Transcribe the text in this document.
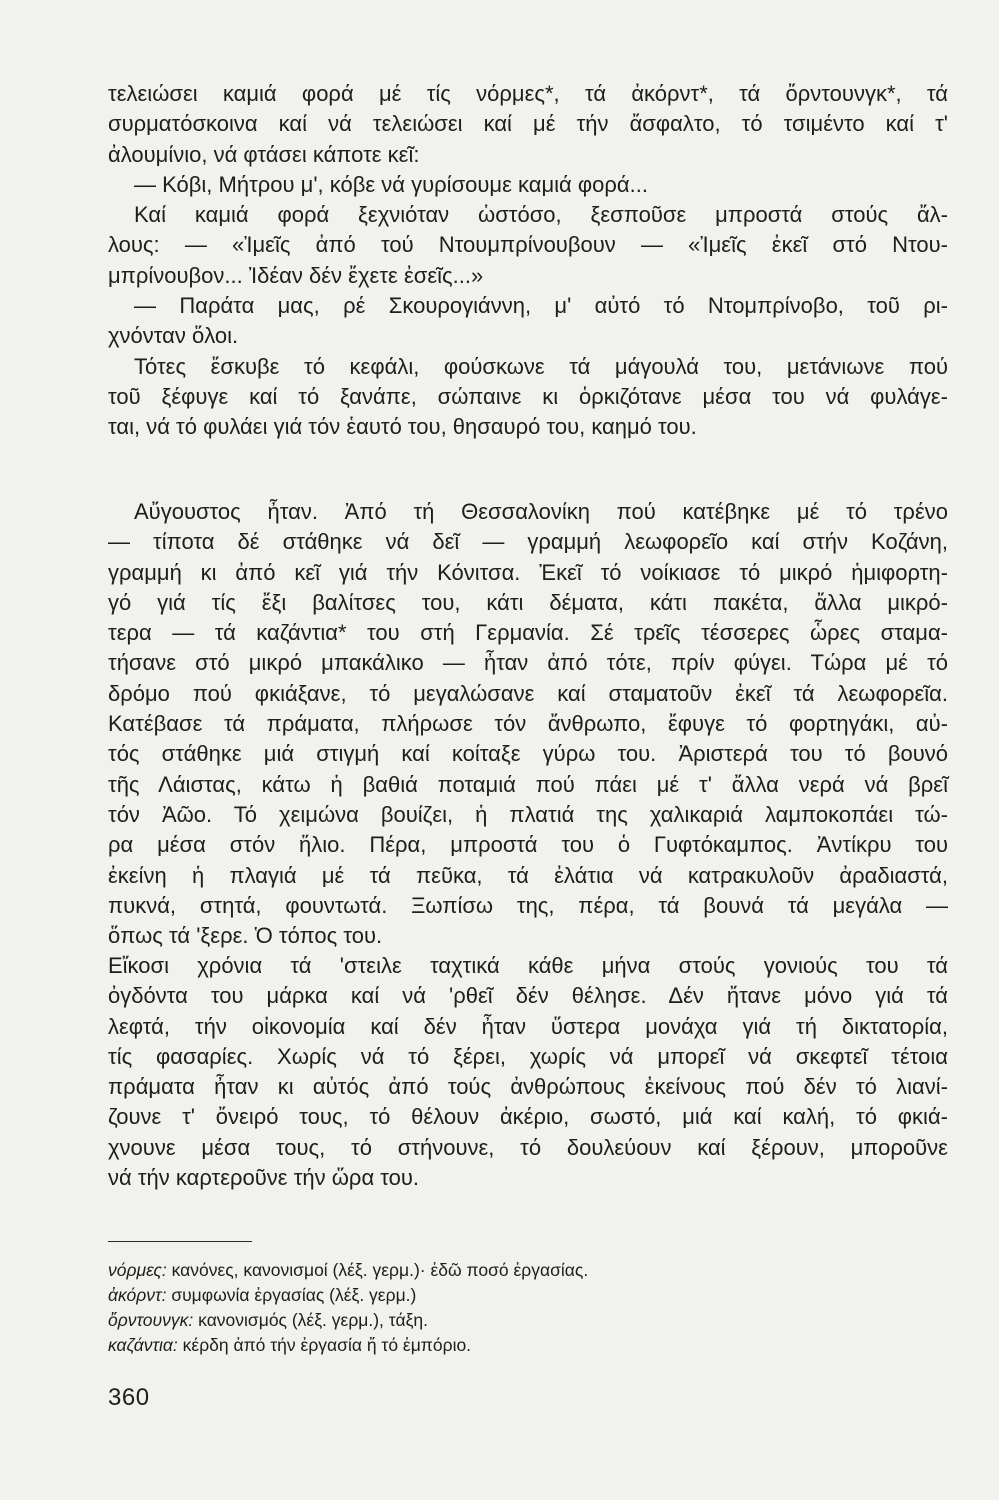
τελειώσει καμιά φορά μέ τίς νόρμες*, τά ἀκόρντ*, τά ὄρντουνγκ*, τά
συρματόσκοινα καί νά τελειώσει καί μέ τήν ἄσφαλτο, τό τσιμέντο καί τ'
ἀλουμίνιο, νά φτάσει κάποτε κεῖ:
— Κόβι, Μήτρου μ', κόβε νά γυρίσουμε καμιά φορά...
Καί καμιά φορά ξεχνιόταν ὡστόσο, ξεσποῦσε μπροστά στούς ἄλ-
λους: — «Ἰμεῖς ἀπό τού Ντουμπρίνουβουν — «Ἰμεῖς ἐκεῖ στό Ντου-
μπρίνουβον... Ἰδέαν δέν ἔχετε ἐσεῖς...»
— Παράτα μας, ρέ Σκουρογιάννη, μ' αὐτό τό Ντομπρίνοβο, τοῦ ρι-
χνόνταν ὅλοι.
Τότες ἔσκυβε τό κεφάλι, φούσκωνε τά μάγουλά του, μετάνιωνε πού
τοῦ ξέφυγε καί τό ξανάπε, σώπαινε κι ὁρκιζότανε μέσα του νά φυλάγε-
ται, νά τό φυλάει γιά τόν ἑαυτό του, θησαυρό του, καημό του.
Αὔγουστος ἦταν. Ἀπό τή Θεσσαλονίκη πού κατέβηκε μέ τό τρένο
— τίποτα δέ στάθηκε νά δεῖ — γραμμή λεωφορεῖο καί στήν Κοζάνη,
γραμμή κι ἀπό κεῖ γιά τήν Κόνιτσα. Ἐκεῖ τό νοίκιασε τό μικρό ἡμιφορτη-
γό γιά τίς ἔξι βαλίτσες του, κάτι δέματα, κάτι πακέτα, ἄλλα μικρό-
τερα — τά καζάντια* του στή Γερμανία. Σέ τρεῖς τέσσερες ὧρες σταμα-
τήσανε στό μικρό μπακάλικο — ἦταν ἀπό τότε, πρίν φύγει. Τώρα μέ τό
δρόμο πού φκιάξανε, τό μεγαλώσανε καί σταματοῦν ἐκεῖ τά λεωφορεῖα.
Κατέβασε τά πράματα, πλήρωσε τόν ἄνθρωπο, ἔφυγε τό φορτηγάκι, αὐ-
τός στάθηκε μιά στιγμή καί κοίταξε γύρω του. Ἀριστερά του τό βουνό
τῆς Λάιστας, κάτω ἡ βαθιά ποταμιά πού πάει μέ τ' ἄλλα νερά νά βρεῖ
τόν Ἀῶο. Τό χειμώνα βουίζει, ἡ πλατιά της χαλικαριά λαμποκοπάει τώ-
ρα μέσα στόν ἥλιο. Πέρα, μπροστά του ὁ Γυφτόκαμπος. Ἀντίκρυ του
ἐκείνη ἡ πλαγιά μέ τά πεῦκα, τά ἐλάτια νά κατρακυλοῦν ἀραδιαστά,
πυκνά, στητά, φουντωτά. Ξωπίσω της, πέρα, τά βουνά τά μεγάλα —
ὅπως τά 'ξερε. Ὁ τόπος του.
Εἴκοσι χρόνια τά 'στειλε ταχτικά κάθε μήνα στούς γονιούς του τά
ὀγδόντα του μάρκα καί νά 'ρθεῖ δέν θέλησε. Δέν ἤτανε μόνο γιά τά
λεφτά, τήν οἰκονομία καί δέν ἦταν ὕστερα μονάχα γιά τή δικτατορία,
τίς φασαρίες. Χωρίς νά τό ξέρει, χωρίς νά μπορεῖ νά σκεφτεῖ τέτοια
πράματα ἦταν κι αὐτός ἀπό τούς ἀνθρώπους ἐκείνους πού δέν τό λιανί-
ζουνε τ' ὄνειρό τους, τό θέλουν ἀκέριο, σωστό, μιά καί καλή, τό φκιά-
χνουνε μέσα τους, τό στήνουνε, τό δουλεύουν καί ξέρουν, μποροῦνε
νά τήν καρτεροῦνε τήν ὥρα του.
νόρμες: κανόνες, κανονισμοί (λέξ. γερμ.)· ἐδῶ ποσό ἐργασίας.
ἀκόρντ: συμφωνία ἐργασίας (λέξ. γερμ.)
ὄρντουνγκ: κανονισμός (λέξ. γερμ.), τάξη.
καζάντια: κέρδη ἀπό τήν ἐργασία ἤ τό ἐμπόριο.
360
